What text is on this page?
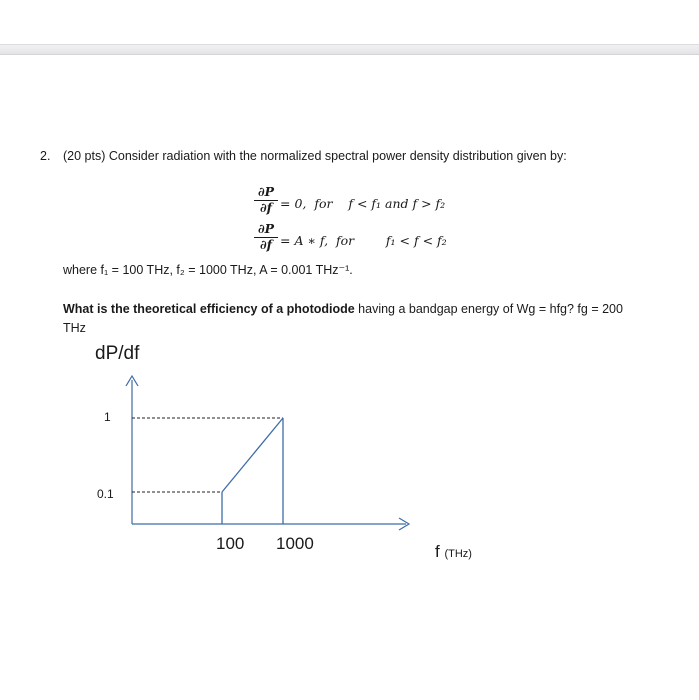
2. (20 pts) Consider radiation with the normalized spectral power density distribution given by:
$\frac{\partial P}{\partial f} = 0$,  for    f < f₁ and f > f₂
$\frac{\partial P}{\partial f} = A$ ∗ f,  for        f₁ < f < f₂
where f₁ = 100 THz, f₂ = 1000 THz, A = 0.001 THz⁻¹.
What is the theoretical efficiency of a photodiode having a bandgap energy of Wg = hfg? fg = 200 THz
dP/df
1
0.1
100 1000	f (THz)
